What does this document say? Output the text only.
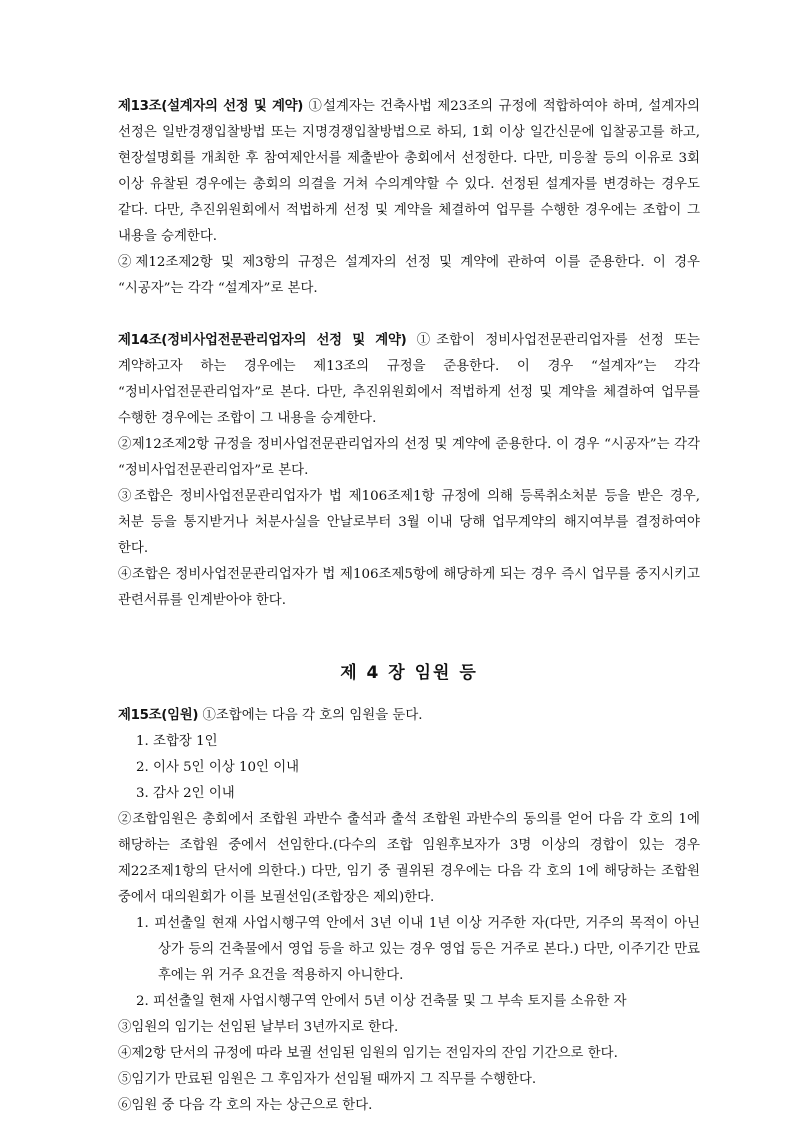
제13조(설계자의 선정 및 계약) ①설계자는 건축사법 제23조의 규정에 적합하여야 하며, 설계자의 선정은 일반경쟁입찰방법 또는 지명경쟁입찰방법으로 하되, 1회 이상 일간신문에 입찰공고를 하고, 현장설명회를 개최한 후 참여제안서를 제출받아 총회에서 선정한다. 다만, 미응찰 등의 이유로 3회 이상 유찰된 경우에는 총회의 의결을 거쳐 수의계약할 수 있다. 선정된 설계자를 변경하는 경우도 같다. 다만, 추진위원회에서 적법하게 선정 및 계약을 체결하여 업무를 수행한 경우에는 조합이 그 내용을 승계한다.

②제12조제2항 및 제3항의 규정은 설계자의 선정 및 계약에 관하여 이를 준용한다. 이 경우 “시공자”는 각각 “설계자”로 본다.

제14조(정비사업전문관리업자의 선정 및 계약) ①조합이 정비사업전문관리업자를 선정 또는 계약하고자 하는 경우에는 제13조의 규정을 준용한다. 이 경우 “설계자”는 각각 “정비사업전문관리업자”로 본다. 다만, 추진위원회에서 적법하게 선정 및 계약을 체결하여 업무를 수행한 경우에는 조합이 그 내용을 승계한다.

②제12조제2항 규정을 정비사업전문관리업자의 선정 및 계약에 준용한다. 이 경우 “시공자”는 각각 “정비사업전문관리업자”로 본다.

③조합은 정비사업전문관리업자가 법 제106조제1항 규정에 의해 등록취소처분 등을 받은 경우, 처분 등을 통지받거나 처분사실을 안날로부터 3월 이내 당해 업무계약의 해지여부를 결정하여야 한다.

④조합은 정비사업전문관리업자가 법 제106조제5항에 해당하게 되는 경우 즉시 업무를 중지시키고 관련서류를 인계받아야 한다.

제 4 장 임원 등

제15조(임원) ①조합에는 다음 각 호의 임원을 둔다.

1. 조합장 1인

2. 이사 5인 이상 10인 이내

3. 감사 2인 이내

②조합임원은 총회에서 조합원 과반수 출석과 출석 조합원 과반수의 동의를 얻어 다음 각 호의 1에 해당하는 조합원 중에서 선임한다.(다수의 조합 임원후보자가 3명 이상의 경합이 있는 경우 제22조제1항의 단서에 의한다.) 다만, 임기 중 궐위된 경우에는 다음 각 호의 1에 해당하는 조합원 중에서 대의원회가 이를 보궐선임(조합장은 제외)한다.

1. 피선출일 현재 사업시행구역 안에서 3년 이내 1년 이상 거주한 자(다만, 거주의 목적이 아닌 상가 등의 건축물에서 영업 등을 하고 있는 경우 영업 등은 거주로 본다.) 다만, 이주기간 만료 후에는 위 거주 요건을 적용하지 아니한다.

2. 피선출일 현재 사업시행구역 안에서 5년 이상 건축물 및 그 부속 토지를 소유한 자

③임원의 임기는 선임된 날부터 3년까지로 한다.

④제2항 단서의 규정에 따라 보궐 선임된 임원의 임기는 전임자의 잔임 기간으로 한다.

⑤임기가 만료된 임원은 그 후임자가 선임될 때까지 그 직무를 수행한다.

⑥임원 중 다음 각 호의 자는 상근으로 한다.
